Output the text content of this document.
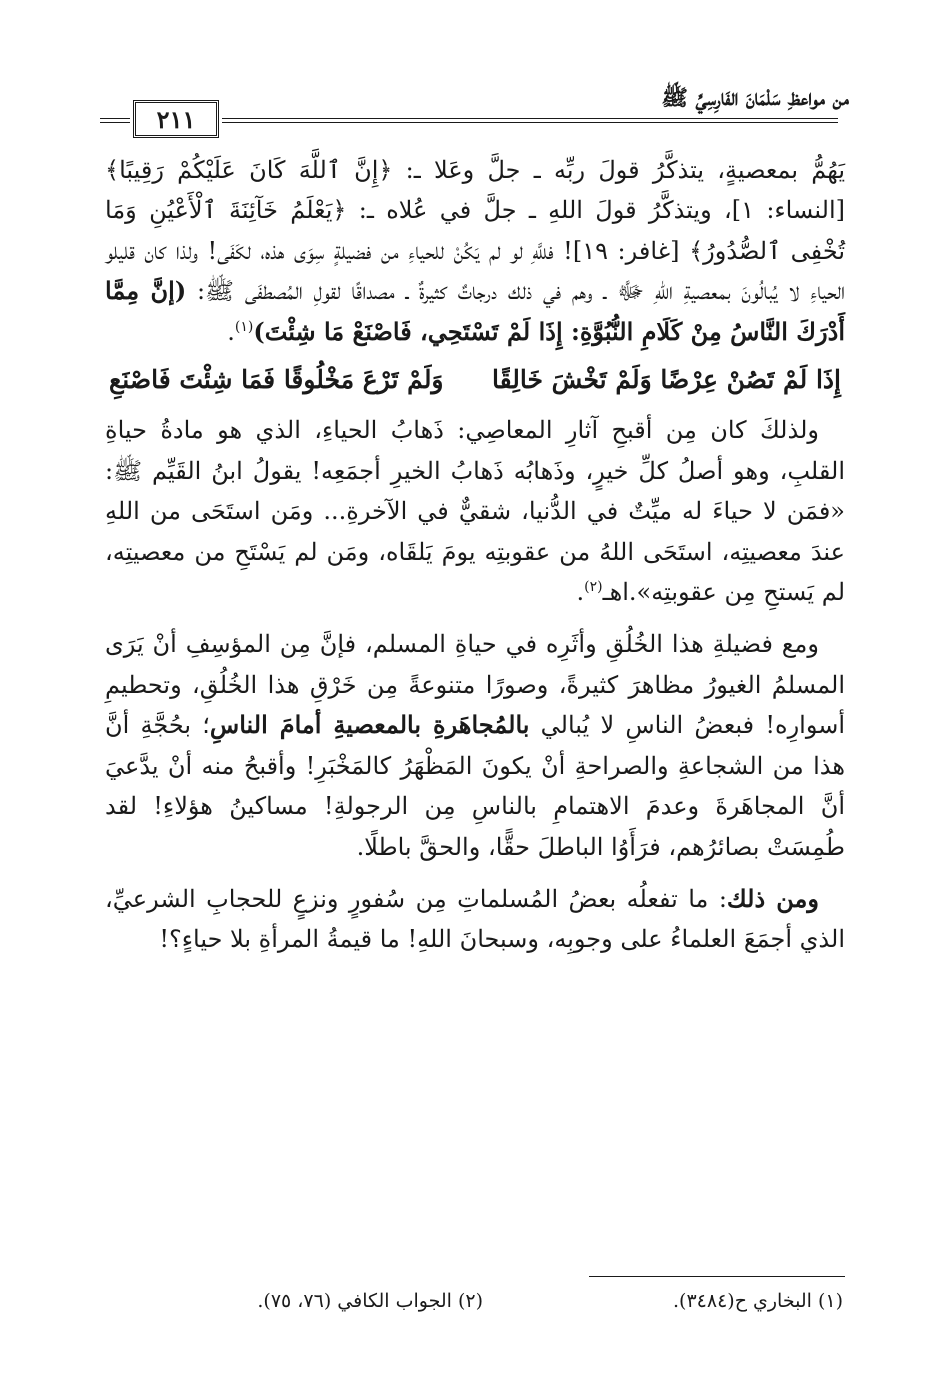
من مواعظِ سَلْمَانَ الفَارِسِيِّ ﷺ
٢١١

يَهُمُّ بمعصيةٍ، يتذكَّرُ قولَ ربِّه ـ جلَّ وعَلا ـ: ﴿إِنَّ ٱللَّهَ كَانَ عَلَيْكُمْ رَقِيبًا﴾ [النساء: ١]، ويتذكَّرُ قولَ اللهِ ـ جلَّ في عُلاه ـ: ﴿يَعْلَمُ خَآئِنَةَ ٱلْأَعْيُنِ وَمَا تُخْفِى ٱلصُّدُورُ﴾ [غافر: ١٩]! فللَّهِ لو لم يَكُنْ للحياءِ من فضيلةٍ سِوَى هذه، لكَفَى! ولذا كان قليلو الحياءِ لا يُبالُونَ بمعصيةِ اللهِ ﷻ ـ وهم في ذلك درجاتٌ كثيرةٌ ـ مصداقًا لقولِ المُصطفَى ﷺ: (إنَّ مِمَّا أَدْرَكَ النَّاسُ مِنْ كَلَامِ النُّبُوَّةِ: إِذَا لَمْ تَسْتَحِي، فَاصْنَعْ مَا شِئْتَ)$^{(١)}$.

إِذَا لَمْ تَصُنْ عِرْضًا وَلَمْ تَخْشَ خَالِقًا
وَلَمْ تَرْعَ مَخْلُوقًا فَمَا شِئْتَ فَاصْنَعِ

ولذلكَ كان مِن أقبحِ آثارِ المعاصِي: ذَهابُ الحياءِ، الذي هو مادةُ حياةِ القلبِ، وهو أصلُ كلِّ خيرٍ، وذَهابُه ذَهابُ الخيرِ أجمَعِه! يقولُ ابنُ القَيِّم ﷺ: «فمَن لا حياءَ له ميِّتٌ في الدُّنيا، شقيٌّ في الآخرةِ... ومَن استَحَى من اللهِ عندَ معصيتِه، استَحَى اللهُ من عقوبتِه يومَ يَلقَاه، ومَن لم يَسْتَحِ من معصيتِه، لم يَستحِ مِن عقوبتِه».اهـ$^{(٢)}$.

ومع فضيلةِ هذا الخُلُقِ وأثَرِه في حياةِ المسلم، فإنَّ مِن المؤسِفِ أنْ يَرَى المسلمُ الغيورُ مظاهرَ كثيرةً، وصورًا متنوعةً مِن خَرْقِ هذا الخُلُقِ، وتحطيمِ أسوارِه! فبعضُ الناسِ لا يُبالي بالمُجاهَرةِ بالمعصيةِ أمامَ الناسِ؛ بحُجَّةِ أنَّ هذا من الشجاعةِ والصراحةِ أنْ يكونَ المَظْهَرُ كالمَخْبَرِ! وأقبحُ منه أنْ يدَّعيَ أنَّ المجاهَرةَ وعدمَ الاهتمامِ بالناسِ مِن الرجولةِ! مساكينُ هؤلاءِ! لقد طُمِسَتْ بصائرُهم، فرَأَوُا الباطلَ حقًّا، والحقَّ باطلًا.

ومن ذلك: ما تفعلُه بعضُ المُسلماتِ مِن سُفورٍ ونزعٍ للحجابِ الشرعيِّ، الذي أجمَعَ العلماءُ على وجوبِه، وسبحانَ اللهِ! ما قيمةُ المرأةِ بلا حياءٍ؟!

(١) البخاري ح(٣٤٨٤).
(٢) الجواب الكافي (٧٦، ٧٥).
